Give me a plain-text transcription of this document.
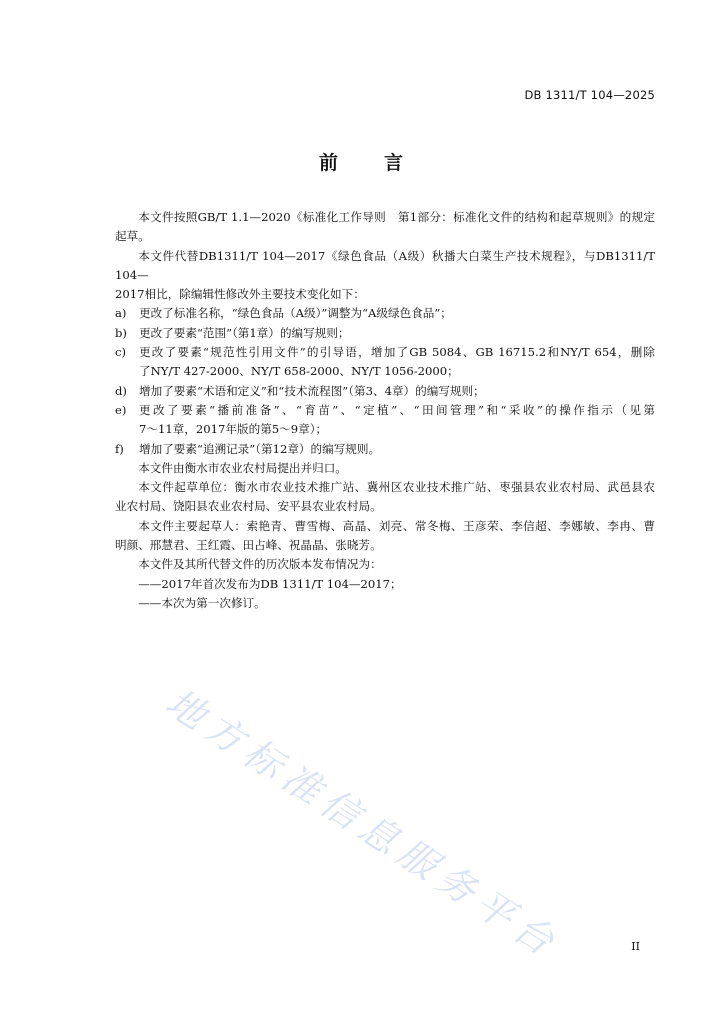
DB 1311/T 104—2025
前 言

本文件按照GB/T 1.1—2020《标准化工作导则　第1部分：标准化文件的结构和起草规则》的规定

起草。

本文件代替DB1311/T 104—2017《绿色食品（A级）秋播大白菜生产技术规程》，与DB1311/T 104—

2017相比，除编辑性修改外主要技术变化如下：

a) 更改了标准名称，“绿色食品（A级）”调整为“A级绿色食品”；
b) 更改了要素“范围”（第1章）的编写规则；
c) 更改了要素“规范性引用文件”的引导语，增加了GB 5084、GB 16715.2和NY/T 654，删除
了NY/T 427-2000、NY/T 658-2000、NY/T 1056-2000；
d) 增加了要素“术语和定义”和“技术流程图”（第3、4章）的编写规则；
e) 更改了要素“播前准备”、“育苗”、“定植”、“田间管理”和“采收”的操作指示（见第
7～11章，2017年版的第5～9章）；
f) 增加了要素“追溯记录”（第12章）的编写规则。

本文件由衡水市农业农村局提出并归口。

本文件起草单位：衡水市农业技术推广站、冀州区农业技术推广站、枣强县农业农村局、武邑县农

业农村局、饶阳县农业农村局、安平县农业农村局。

本文件主要起草人：索艳青、曹雪梅、高晶、刘亮、常冬梅、王彦荣、李信超、李娜敏、李冉、曹

明颜、邢慧君、王红霞、田占峰、祝晶晶、张晓芳。

本文件及其所代替文件的历次版本发布情况为：

——2017年首次发布为DB 1311/T 104—2017；

——本次为第一次修订。

地方标准信息服务平台	II
